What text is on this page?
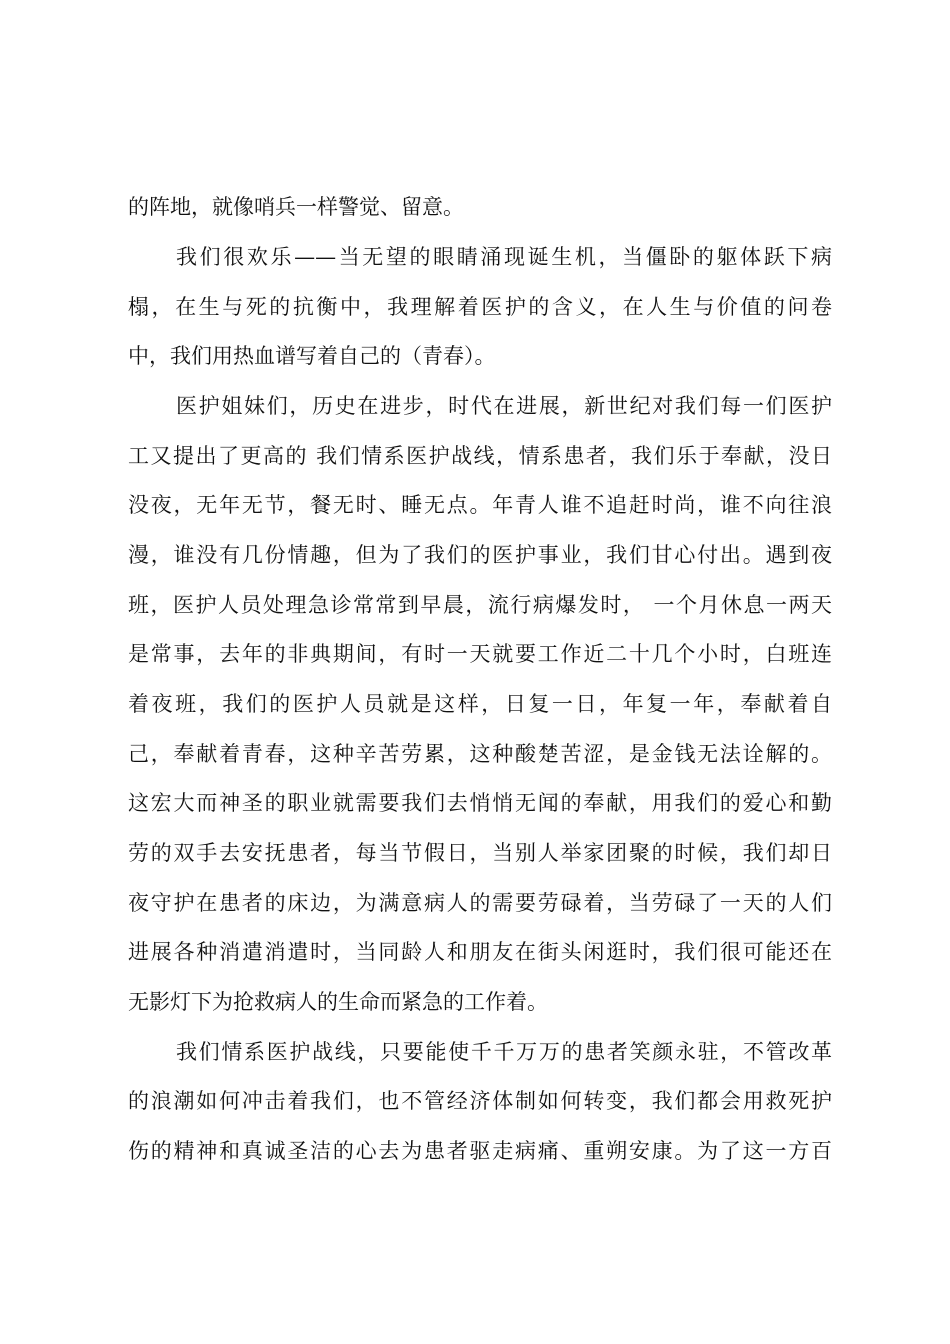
的阵地，就像哨兵一样警觉、留意。
我们很欢乐——当无望的眼睛涌现诞生机，当僵卧的躯体跃下病
榻，在生与死的抗衡中，我理解着医护的含义，在人生与价值的问卷
中，我们用热血谱写着自己的（青春）。
医护姐妹们，历史在进步，时代在进展，新世纪对我们每一们医护
工又提出了更高的 我们情系医护战线，情系患者，我们乐于奉献，没日
没夜，无年无节，餐无时、睡无点。年青人谁不追赶时尚，谁不向往浪
漫，谁没有几份情趣，但为了我们的医护事业，我们甘心付出。遇到夜
班，医护人员处理急诊常常到早晨，流行病爆发时， 一个月休息一两天
是常事，去年的非典期间，有时一天就要工作近二十几个小时，白班连
着夜班，我们的医护人员就是这样，日复一日，年复一年，奉献着自
己，奉献着青春，这种辛苦劳累，这种酸楚苦涩，是金钱无法诠解的。
这宏大而神圣的职业就需要我们去悄悄无闻的奉献，用我们的爱心和勤
劳的双手去安抚患者，每当节假日，当别人举家团聚的时候，我们却日
夜守护在患者的床边，为满意病人的需要劳碌着，当劳碌了一天的人们
进展各种消遣消遣时，当同龄人和朋友在街头闲逛时，我们很可能还在
无影灯下为抢救病人的生命而紧急的工作着。
我们情系医护战线，只要能使千千万万的患者笑颜永驻，不管改革
的浪潮如何冲击着我们，也不管经济体制如何转变，我们都会用救死护
伤的精神和真诚圣洁的心去为患者驱走病痛、重朔安康。为了这一方百
